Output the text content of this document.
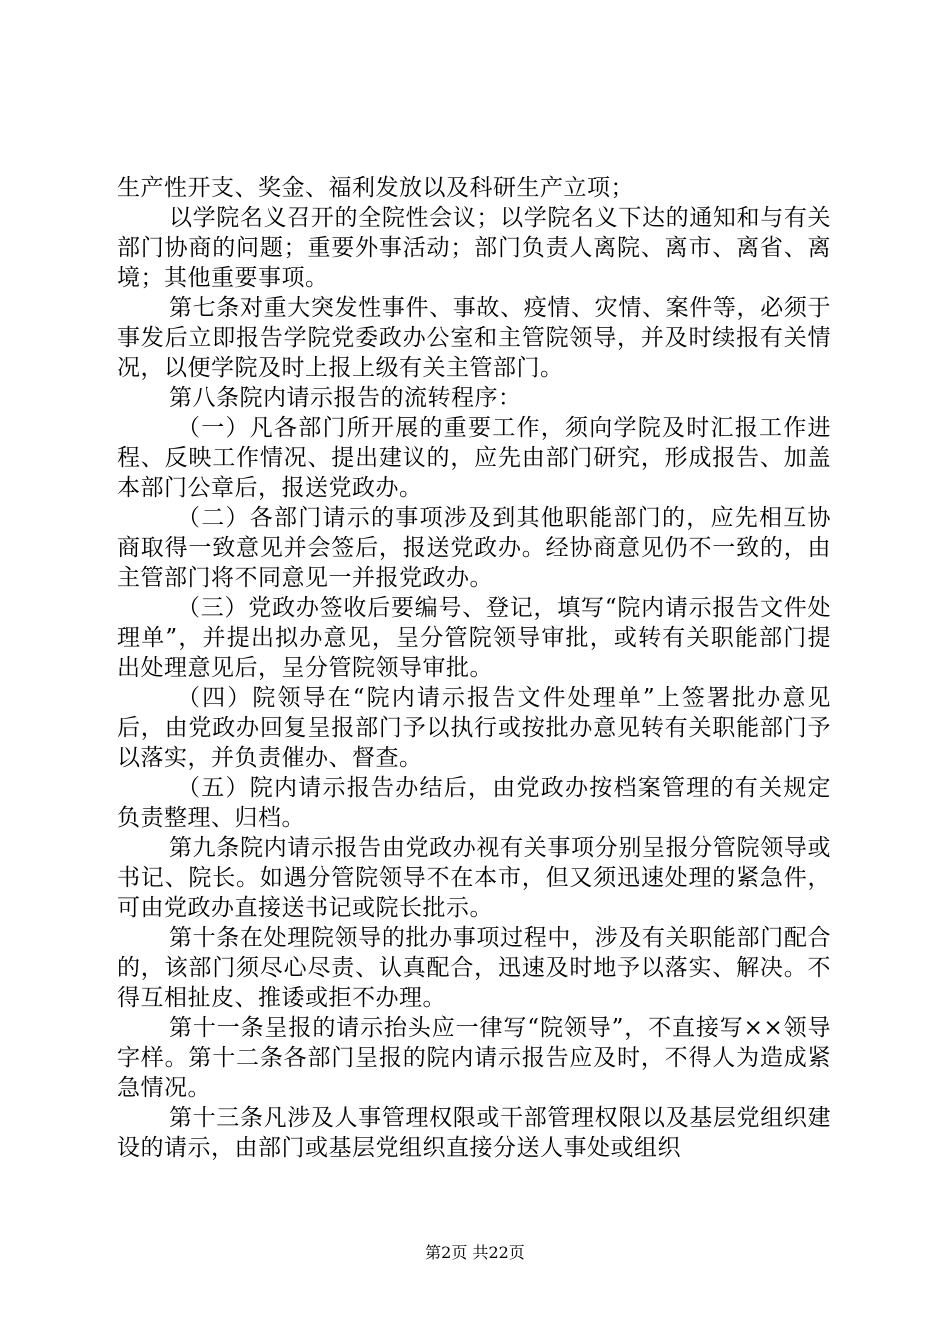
生产性开支、奖金、福利发放以及科研生产立项；

以学院名义召开的全院性会议；以学院名义下达的通知和与有关部门协商的问题；重要外事活动；部门负责人离院、离市、离省、离境；其他重要事项。

第七条对重大突发性事件、事故、疫情、灾情、案件等，必须于事发后立即报告学院党委政办公室和主管院领导，并及时续报有关情况，以便学院及时上报上级有关主管部门。

第八条院内请示报告的流转程序：

（一）凡各部门所开展的重要工作，须向学院及时汇报工作进程、反映工作情况、提出建议的，应先由部门研究，形成报告、加盖本部门公章后，报送党政办。

（二）各部门请示的事项涉及到其他职能部门的，应先相互协商取得一致意见并会签后，报送党政办。经协商意见仍不一致的，由主管部门将不同意见一并报党政办。

（三）党政办签收后要编号、登记，填写“院内请示报告文件处理单”，并提出拟办意见，呈分管院领导审批，或转有关职能部门提出处理意见后，呈分管院领导审批。

（四）院领导在“院内请示报告文件处理单”上签署批办意见后，由党政办回复呈报部门予以执行或按批办意见转有关职能部门予以落实，并负责催办、督查。

（五）院内请示报告办结后，由党政办按档案管理的有关规定负责整理、归档。

第九条院内请示报告由党政办视有关事项分别呈报分管院领导或书记、院长。如遇分管院领导不在本市，但又须迅速处理的紧急件，可由党政办直接送书记或院长批示。

第十条在处理院领导的批办事项过程中，涉及有关职能部门配合的，该部门须尽心尽责、认真配合，迅速及时地予以落实、解决。不得互相扯皮、推诿或拒不办理。

第十一条呈报的请示抬头应一律写“院领导”，不直接写××领导字样。第十二条各部门呈报的院内请示报告应及时，不得人为造成紧急情况。

第十三条凡涉及人事管理权限或干部管理权限以及基层党组织建设的请示，由部门或基层党组织直接分送人事处或组织

第2页 共22页
